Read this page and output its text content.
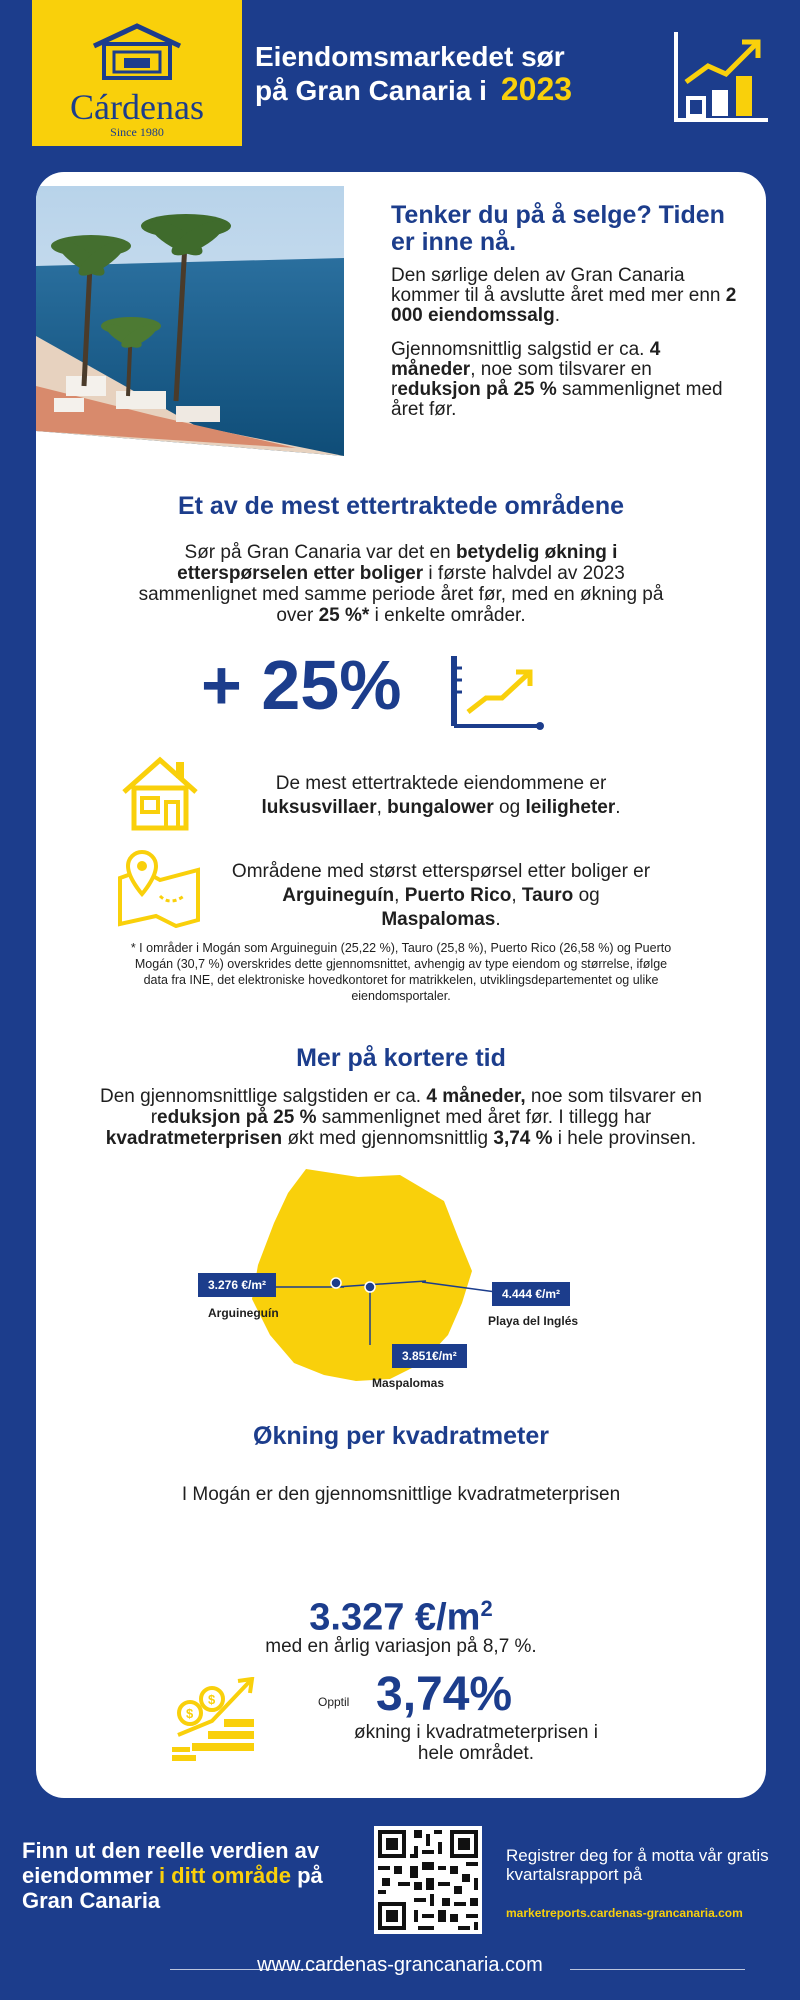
Cárdenas
Since 1980
Eiendomsmarkedet sør
på Gran Canaria i 2023
Tenker du på å selge? Tiden er inne nå.

Den sørlige delen av Gran Canaria kommer til å avslutte året med mer enn 2 000 eiendomssalg.

Gjennomsnittlig salgstid er ca. 4 måneder, noe som tilsvarer en reduksjon på 25 % sammenlignet med året før.

Et av de mest ettertraktede områdene
Sør på Gran Canaria var det en betydelig økning i etterspørselen etter boliger i første halvdel av 2023 sammenlignet med samme periode året før, med en økning på over 25 %* i enkelte områder.
+ 25%
De mest ettertraktede eiendommene er luksusvillaer, bungalower og leiligheter.
Områdene med størst etterspørsel etter boliger er Arguineguín, Puerto Rico, Tauro og Maspalomas.
* I områder i Mogán som Arguineguin (25,22 %), Tauro (25,8 %), Puerto Rico (26,58 %) og Puerto Mogán (30,7 %) overskrides dette gjennomsnittet, avhengig av type eiendom og størrelse, ifølge data fra INE, det elektroniske hovedkontoret for matrikkelen, utviklingsdepartementet og ulike eiendomsportaler.
Mer på kortere tid
Den gjennomsnittlige salgstiden er ca. 4 måneder, noe som tilsvarer en reduksjon på 25 % sammenlignet med året før. I tillegg har kvadratmeterprisen økt med gjennomsnittlig 3,74 % i hele provinsen.
3.276 €/m²
Arguineguín
4.444 €/m²
Playa del Inglés
3.851€/m²
Maspalomas
Økning per kvadratmeter
I Mogán er den gjennomsnittlige kvadratmeterprisen
3.327 $€/m^2$
med en årlig variasjon på 8,7 %.
$
$	Opptil 3,74%
økning i kvadratmeterprisen i hele området.
Finn ut den reelle verdien av eiendommer i ditt område på Gran Canaria
Registrer deg for å motta vår gratis kvartalsrapport på
marketreports.cardenas-grancanaria.com
www.cardenas-grancanaria.com
